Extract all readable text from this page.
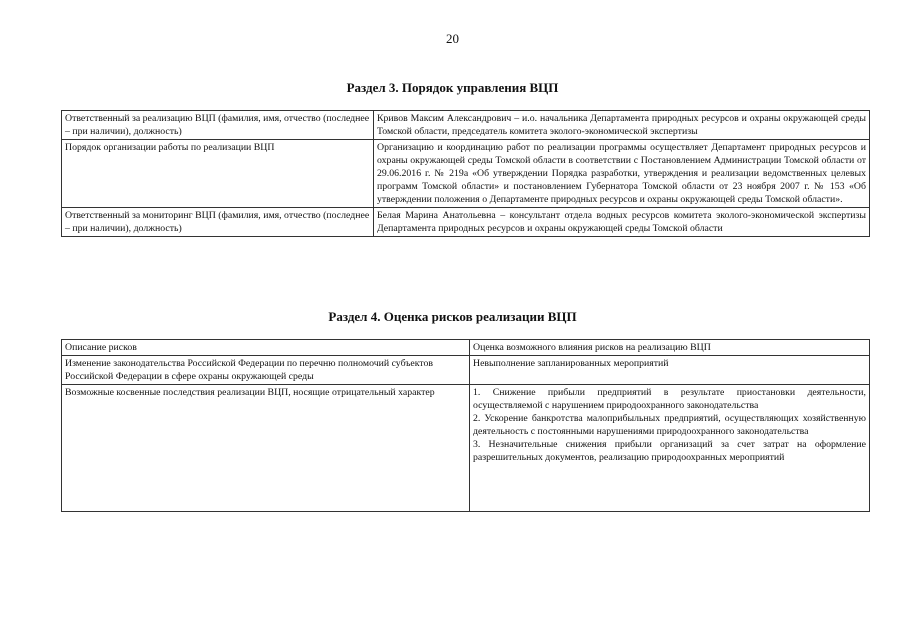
20
Раздел 3. Порядок управления ВЦП
Ответственный за реализацию ВЦП (фамилия, имя, отчество (последнее – при наличии), должность)	Кривов Максим Александрович – и.о. начальника Департамента природных ресурсов и охраны окружающей среды Томской области, председатель комитета эколого-экономической экспертизы
Порядок организации работы по реализации ВЦП	Организацию и координацию работ по реализации программы осуществляет Департамент природных ресурсов и охраны окружающей среды Томской области в соответствии с Постановлением Администрации Томской области от 29.06.2016 г. № 219а «Об утверждении Порядка разработки, утверждения и реализации ведомственных целевых программ Томской области» и постановлением Губернатора Томской области от 23 ноября 2007 г. № 153 «Об утверждении положения о Департаменте природных ресурсов и охраны окружающей среды Томской области».
Ответственный за мониторинг ВЦП (фамилия, имя, отчество (последнее – при наличии), должность)	Белая Марина Анатольевна – консультант отдела водных ресурсов комитета эколого-экономической экспертизы Департамента природных ресурсов и охраны окружающей среды Томской области
Раздел 4. Оценка рисков реализации ВЦП
Описание рисков	Оценка возможного влияния рисков на реализацию ВЦП
Изменение законодательства Российской Федерации по перечню полномочий субъектов Российской Федерации в сфере охраны окружающей среды	Невыполнение запланированных мероприятий

Возможные косвенные последствия реализации ВЦП, носящие отрицательный характер	1. Снижение прибыли предприятий в результате приостановки деятельности, осуществляемой с нарушением природоохранного законодательства
2. Ускорение банкротства малоприбыльных предприятий, осуществляющих хозяйственную деятельность с постоянными нарушениями природоохранного законодательства
3. Незначительные снижения прибыли организаций за счет затрат на оформление разрешительных документов, реализацию природоохранных мероприятий
